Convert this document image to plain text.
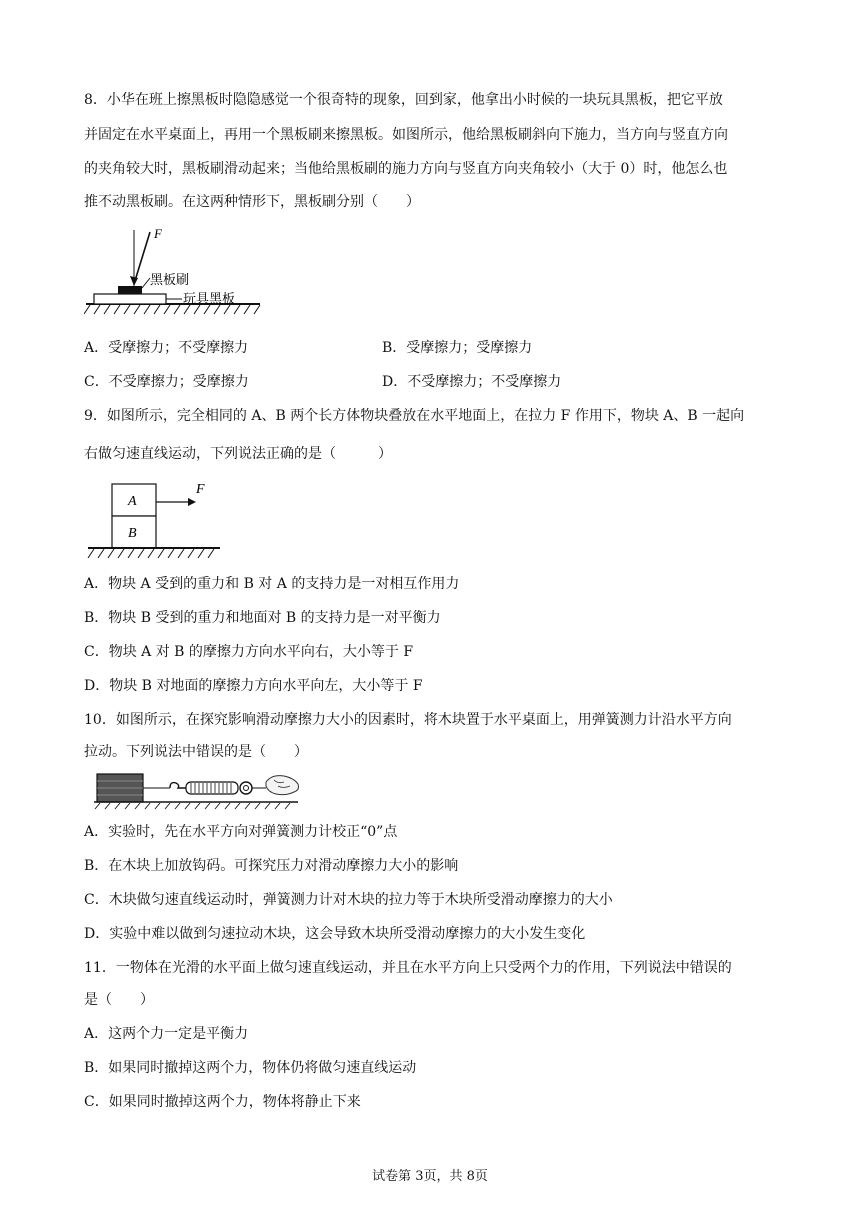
8．小华在班上擦黑板时隐隐感觉一个很奇特的现象，回到家，他拿出小时候的一块玩具黑板，把它平放
并固定在水平桌面上，再用一个黑板刷来擦黑板。如图所示，他给黑板刷斜向下施力，当方向与竖直方向
的夹角较大时，黑板刷滑动起来；当他给黑板刷的施力方向与竖直方向夹角较小（大于 0）时，他怎么也
推不动黑板刷。在这两种情形下，黑板刷分别（　　）
F
黑板刷
玩具黑板
A．受摩擦力；不受摩擦力	B．受摩擦力；受摩擦力
C．不受摩擦力；受摩擦力	D．不受摩擦力；不受摩擦力
9．如图所示，完全相同的 A、B 两个长方体物块叠放在水平地面上，在拉力 F 作用下，物块 A、B 一起向
右做匀速直线运动，下列说法正确的是（　　　）
A
B
F
A．物块 A 受到的重力和 B 对 A 的支持力是一对相互作用力
B．物块 B 受到的重力和地面对 B 的支持力是一对平衡力
C．物块 A 对 B 的摩擦力方向水平向右，大小等于 F
D．物块 B 对地面的摩擦力方向水平向左，大小等于 F
10．如图所示，在探究影响滑动摩擦力大小的因素时，将木块置于水平桌面上，用弹簧测力计沿水平方向
拉动。下列说法中错误的是（　　）
A．实验时，先在水平方向对弹簧测力计校正“0”点
B．在木块上加放钩码。可探究压力对滑动摩擦力大小的影响
C．木块做匀速直线运动时，弹簧测力计对木块的拉力等于木块所受滑动摩擦力的大小
D．实验中难以做到匀速拉动木块，这会导致木块所受滑动摩擦力的大小发生变化
11．一物体在光滑的水平面上做匀速直线运动，并且在水平方向上只受两个力的作用，下列说法中错误的
是（　　）
A．这两个力一定是平衡力
B．如果同时撤掉这两个力，物体仍将做匀速直线运动
C．如果同时撤掉这两个力，物体将静止下来
试卷第 3页，共 8页
